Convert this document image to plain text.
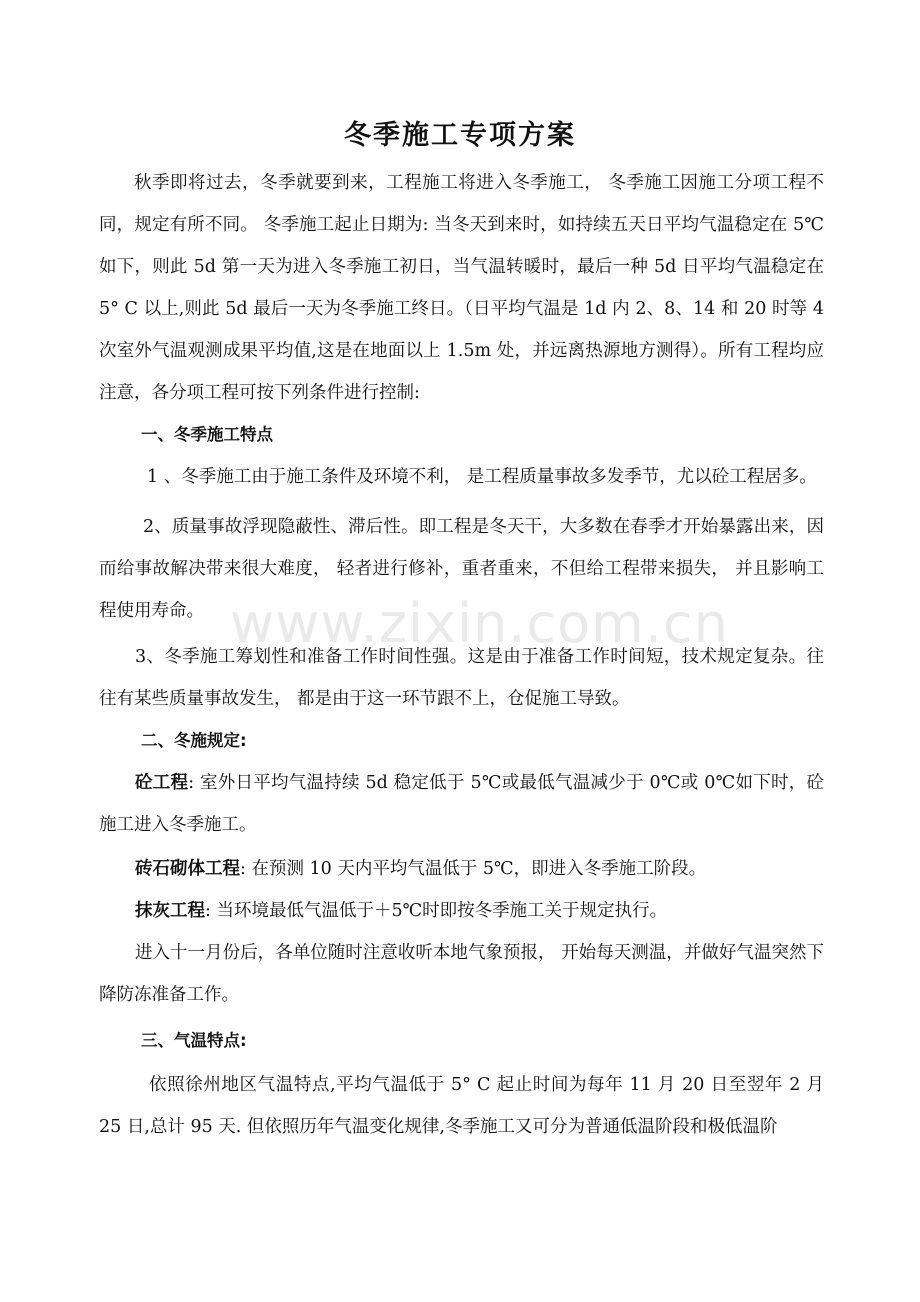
冬季施工专项方案

秋季即将过去，冬季就要到来，工程施工将进入冬季施工， 冬季施工因施工分项工程不同，规定有所不同。 冬季施工起止日期为: 当冬天到来时，如持续五天日平均气温稳定在 5℃如下，则此 5d 第一天为进入冬季施工初日，当气温转暖时，最后一种 5d 日平均气温稳定在 5° C 以上,则此 5d 最后一天为冬季施工终日。（日平均气温是 1d 内 2、8、14 和 20 时等 4 次室外气温观测成果平均值,这是在地面以上 1.5m 处，并远离热源地方测得）。所有工程均应注意，各分项工程可按下列条件进行控制:

一、冬季施工特点

1 、冬季施工由于施工条件及环境不利， 是工程质量事故多发季节，尤以砼工程居多。

2、质量事故浮现隐蔽性、滞后性。即工程是冬天干，大多数在春季才开始暴露出来，因而给事故解决带来很大难度， 轻者进行修补，重者重来，不但给工程带来损失， 并且影响工程使用寿命。

3、冬季施工筹划性和准备工作时间性强。这是由于准备工作时间短，技术规定复杂。往往有某些质量事故发生， 都是由于这一环节跟不上，仓促施工导致。

二、冬施规定:

砼工程: 室外日平均气温持续 5d 稳定低于 5℃或最低气温减少于 0℃或 0℃如下时，砼施工进入冬季施工。

砖石砌体工程: 在预测 10 天内平均气温低于 5℃，即进入冬季施工阶段。

抹灰工程: 当环境最低气温低于＋5℃时即按冬季施工关于规定执行。

进入十一月份后，各单位随时注意收听本地气象预报， 开始每天测温，并做好气温突然下降防冻准备工作。

三、气温特点:

依照徐州地区气温特点,平均气温低于 5° C 起止时间为每年 11 月 20 日至翌年 2 月 25 日,总计 95 天. 但依照历年气温变化规律,冬季施工又可分为普通低温阶段和极低温阶

www.zixin.com.cn
